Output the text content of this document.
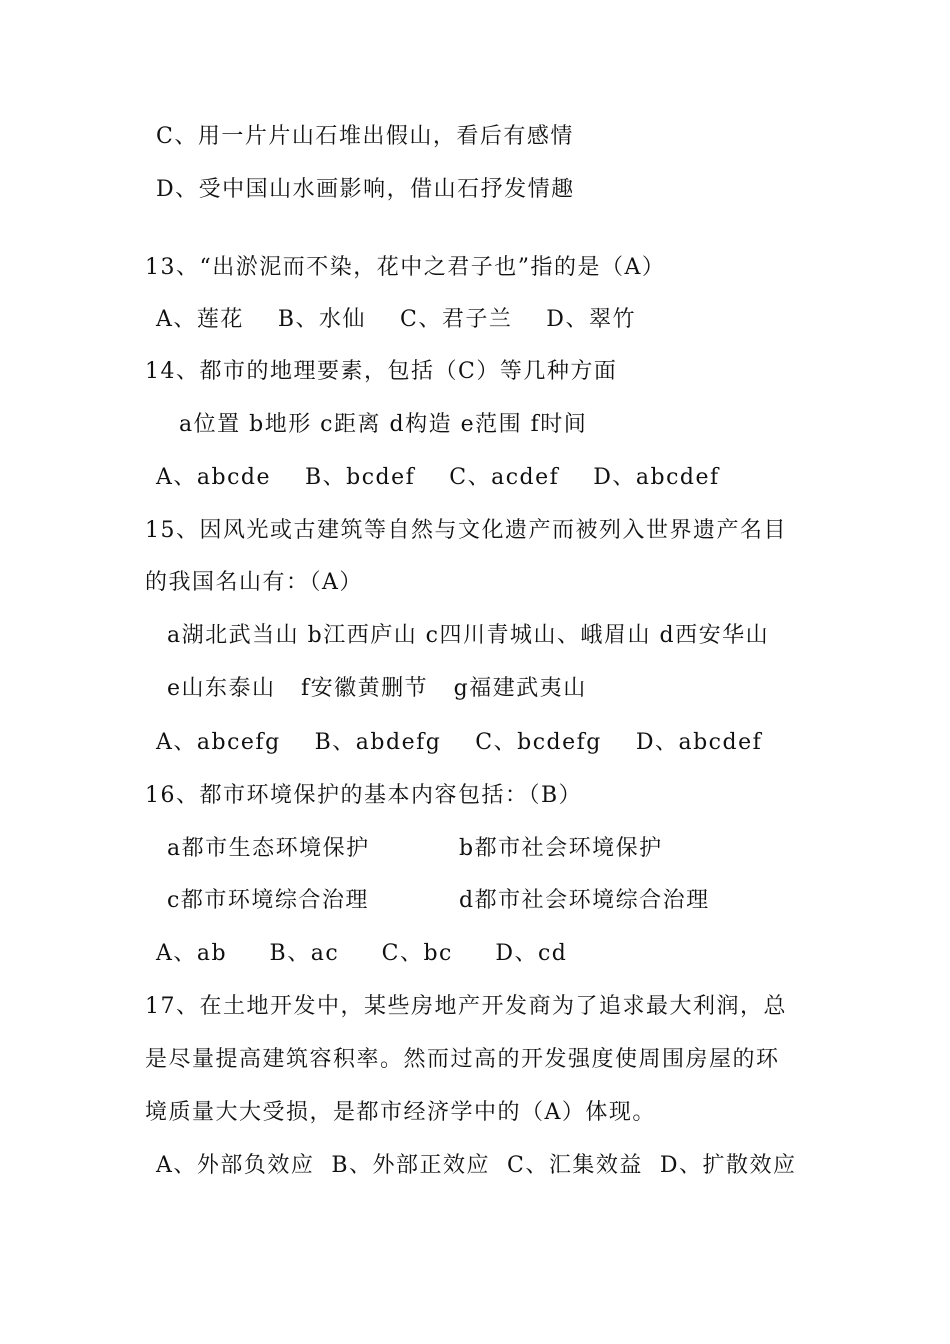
C、用一片片山石堆出假山，看后有感情
D、受中国山水画影响，借山石抒发情趣
13、“出淤泥而不染，花中之君子也”指的是（A）
A、莲花    B、水仙    C、君子兰    D、翠竹
14、都市的地理要素，包括（C）等几种方面
a位置 b地形 c距离 d构造 e范围 f时间
A、abcde    B、bcdef    C、acdef    D、abcdef
15、因风光或古建筑等自然与文化遗产而被列入世界遗产名目
的我国名山有：（A）
a湖北武当山 b江西庐山 c四川青城山、峨眉山 d西安华山
e山东泰山   f安徽黄删节   g福建武夷山
A、abcefg    B、abdefg    C、bcdefg    D、abcdef
16、都市环境保护的基本内容包括：（B）
a都市生态环境保护	b都市社会环境保护
c都市环境综合治理	d都市社会环境综合治理
A、ab     B、ac     C、bc     D、cd
17、在土地开发中，某些房地产开发商为了追求最大利润，总
是尽量提高建筑容积率。然而过高的开发强度使周围房屋的环
境质量大大受损，是都市经济学中的（A）体现。
A、外部负效应  B、外部正效应  C、汇集效益  D、扩散效应
